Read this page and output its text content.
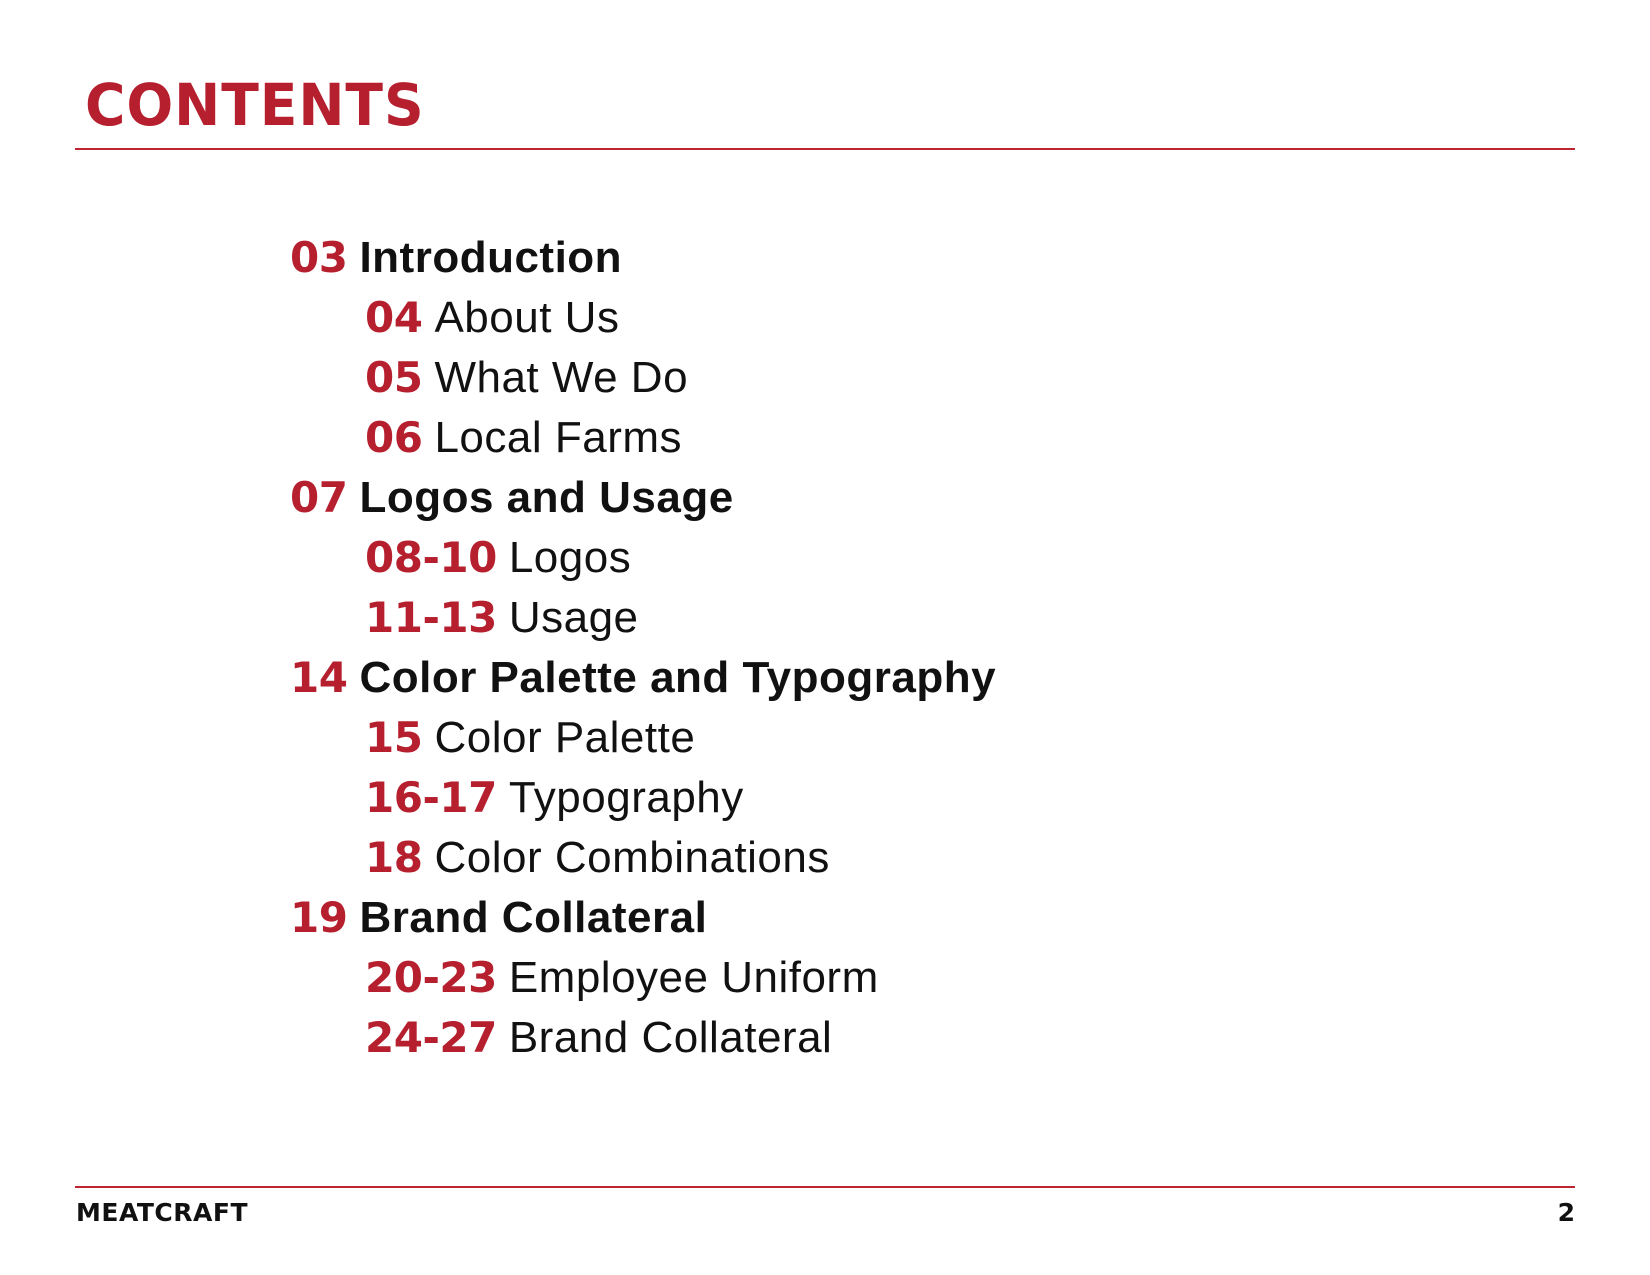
CONTENTS
03 Introduction
04 About Us
05 What We Do
06 Local Farms
07 Logos and Usage
08-10 Logos
11-13 Usage
14 Color Palette and Typography
15 Color Palette
16-17 Typography
18 Color Combinations
19 Brand Collateral
20-23 Employee Uniform
24-27 Brand Collateral
MEATCRAFT	2
